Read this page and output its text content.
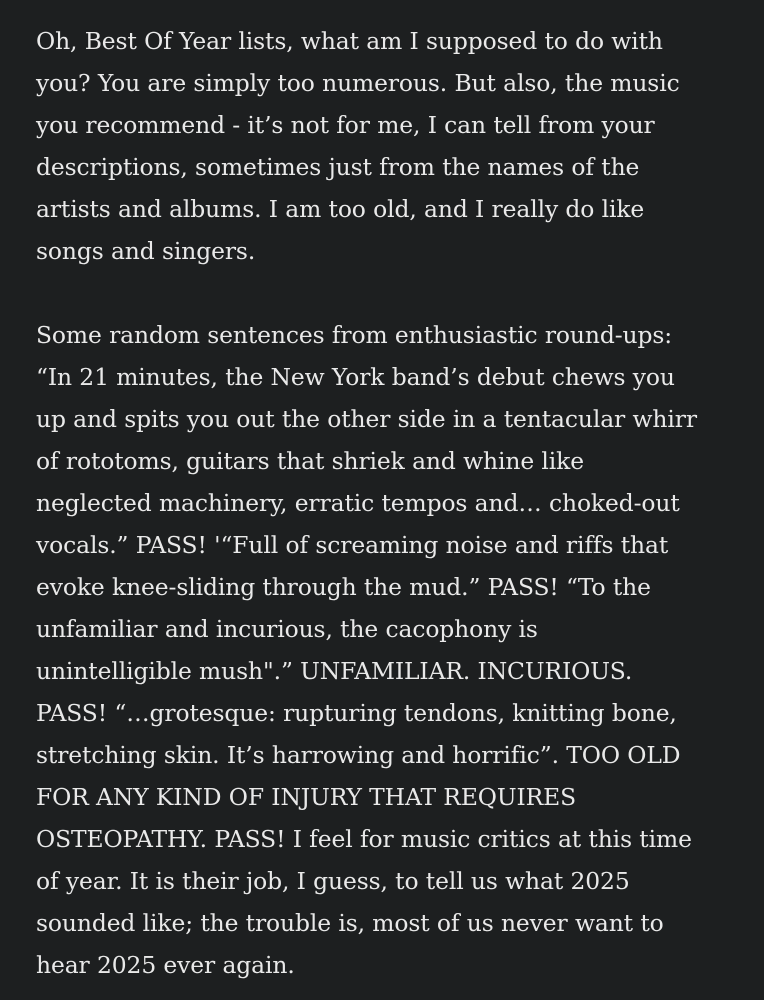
Oh, Best Of Year lists, what am I supposed to do with
you? You are simply too numerous. But also, the music
you recommend - it’s not for me, I can tell from your
descriptions, sometimes just from the names of the
artists and albums. I am too old, and I really do like
songs and singers.
Some random sentences from enthusiastic round-ups:
“In 21 minutes, the New York band’s debut chews you
up and spits you out the other side in a tentacular whirr
of rototoms, guitars that shriek and whine like
neglected machinery, erratic tempos and… choked-out
vocals.” PASS! '“Full of screaming noise and riffs that
evoke knee-sliding through the mud.” PASS! “To the
unfamiliar and incurious, the cacophony is
unintelligible mush".” UNFAMILIAR. INCURIOUS.
PASS! “…grotesque: rupturing tendons, knitting bone,
stretching skin. It’s harrowing and horrific”. TOO OLD
FOR ANY KIND OF INJURY THAT REQUIRES
OSTEOPATHY. PASS! I feel for music critics at this time
of year. It is their job, I guess, to tell us what 2025
sounded like; the trouble is, most of us never want to
hear 2025 ever again.
